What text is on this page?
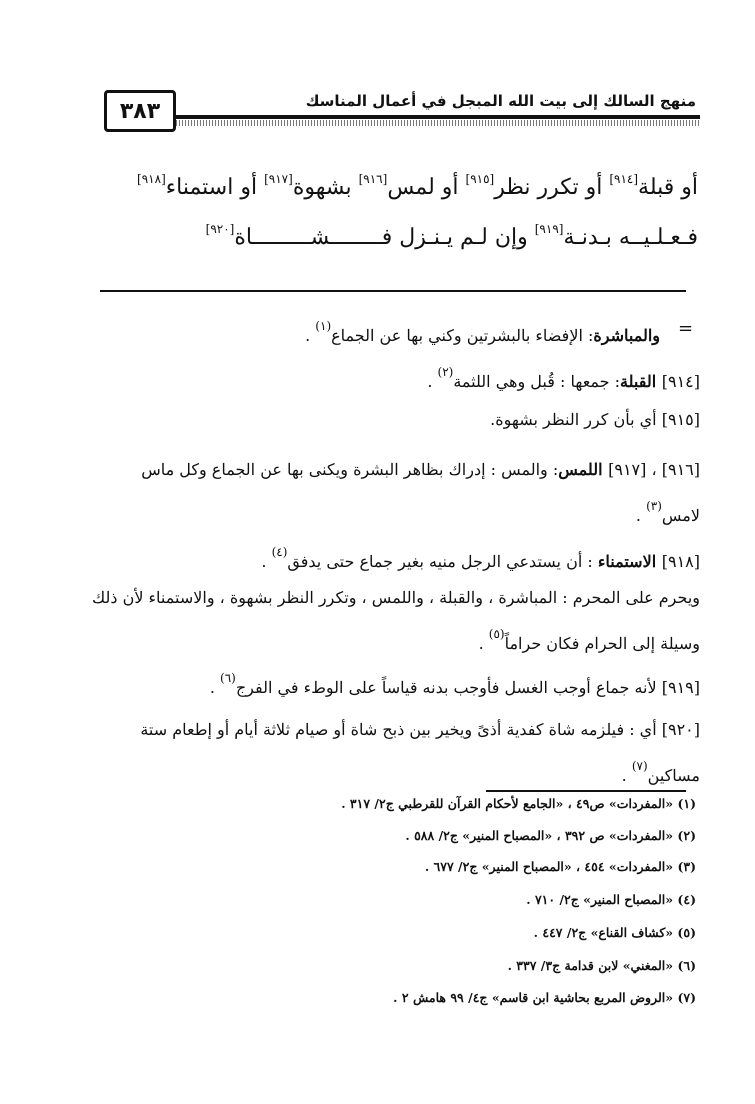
منهج السالك إلى بيت الله المبجل في أعمال المناسك
٣٨٣
أو قبلة[٩١٤] أو تكرر نظر[٩١٥] أو لمس[٩١٦] بشهوة[٩١٧] أو استمناء[٩١٨]
فـعـلـيــه بـدنـة[٩١٩] وإن لـم يـنـزل فــــــــشـــــــــاة[٩٢٠]
=
والمباشرة: الإفضاء بالبشرتين وكني بها عن الجماع$^{(١)}$ .
[٩١٤] القبلة: جمعها : قُبل وهي اللثمة$^{(٢)}$ .
[٩١٥] أي بأن كرر النظر بشهوة.
[٩١٦] ، [٩١٧] اللمس: والمس : إدراك بظاهر البشرة ويكنى بها عن الجماع وكل ماس لامس$^{(٣)}$ .
[٩١٨] الاستمناء : أن يستدعي الرجل منيه بغير جماع حتى يدفق$^{(٤)}$ .
ويحرم على المحرم : المباشرة ، والقبلة ، واللمس ، وتكرر النظر بشهوة ، والاستمناء لأن ذلك وسيلة إلى الحرام فكان حراماً$^{(٥)}$ .
[٩١٩] لأنه جماع أوجب الغسل فأوجب بدنه قياساً على الوطء في الفرج$^{(٦)}$ .
[٩٢٠] أي : فيلزمه شاة كفدية أذىً ويخير بين ذبح شاة أو صيام ثلاثة أيام أو إطعام ستة مساكين$^{(٧)}$ .
(١) «المفردات» ص٤٩ ، «الجامع لأحكام القرآن للقرطبي ج٢/ ٣١٧ .
(٢) «المفردات» ص ٣٩٢ ، «المصباح المنير» ج٢/ ٥٨٨ .
(٣) «المفردات» ٤٥٤ ، «المصباح المنير» ج٢/ ٦٧٧ .
(٤) «المصباح المنير» ج٢/ ٧١٠ .
(٥) «كشاف القناع» ج٢/ ٤٤٧ .
(٦) «المغني» لابن قدامة ج٣/ ٣٣٧ .
(٧) «الروض المربع بحاشية ابن قاسم» ج٤/ ٩٩ هامش ٢ .
